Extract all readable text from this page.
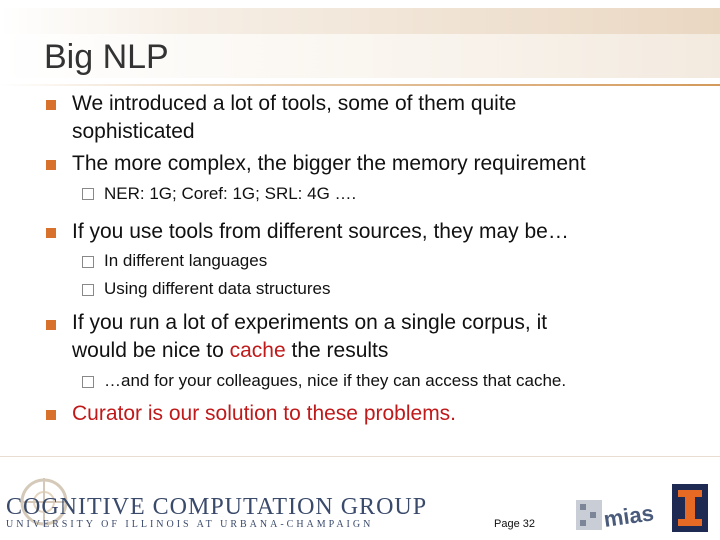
Big NLP
We introduced a lot of tools, some of them quite
sophisticated
The more complex, the bigger the memory requirement
NER: 1G; Coref: 1G; SRL: 4G ….
If you use tools from different sources, they may be…
In different languages
Using different data structures
If you run a lot of experiments on a single corpus, it
would be nice to cache the results
…and for your colleagues, nice if they can access that cache.
Curator is our solution to these problems.
COGNITIVE COMPUTATION GROUP
UNIVERSITY OF ILLINOIS AT URBANA-CHAMPAIGN	Page 32	mias
